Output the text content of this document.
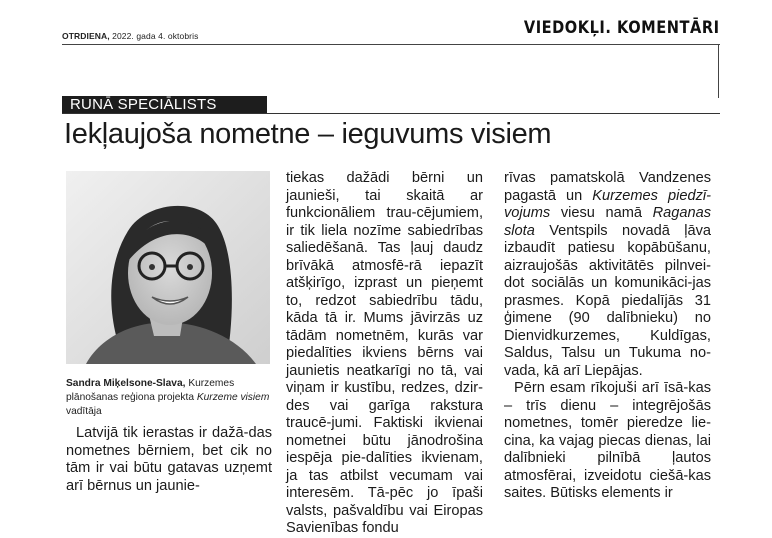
OTRDIENA, 2022. gada 4. oktobris	VIEDOKĻI. KOMENTĀRI
RUNĀ SPECIĀLISTS
Iekļaujoša nometne – ieguvums visiem
Sandra Miķelsone-Slava, Kurzemes plānošanas reģiona projekta Kurzeme visiem vadītāja

Latvijā tik ierastas ir dažā-das nometnes bērniem, bet cik no tām ir vai būtu gatavas uzņemt arī bērnus un jaunie-

tiekas dažādi bērni un jaunieši, tai skaitā ar funkcionāliem trau-cējumiem, ir tik liela nozīme sabiedrības saliedēšanā. Tas ļauj daudz brīvākā atmosfē-rā iepazīt atšķirīgo, izprast un pieņemt to, redzot sabiedrību tādu, kāda tā ir. Mums jāvirzās uz tādām nometnēm, kurās var piedalīties ikviens bērns vai jaunietis neatkarīgi no tā, vai viņam ir kustību, redzes, dzir-des vai garīga rakstura traucē-jumi. Faktiski ikvienai nometnei būtu jānodrošina iespēja pie-dalīties ikvienam, ja tas atbilst vecumam vai interesēm. Tā-pēc jo īpaši valsts, pašvaldību vai Eiropas Savienības fondu

rīvas pamatskolā Vandzenes pagastā un Kurzemes piedzī-vojums viesu namā Raganas slota Ventspils novadā ļāva izbaudīt patiesu kopābūšanu, aizraujošās aktivitātēs pilnvei-dot sociālās un komunikāci-jas prasmes. Kopā piedalījās 31 ģimene (90 dalībnieku) no Dienvidkurzemes, Kuldīgas, Saldus, Talsu un Tukuma no-vada, kā arī Liepājas.

Pērn esam rīkojuši arī īsā-kas – trīs dienu – integrējošās nometnes, tomēr pieredze lie-cina, ka vajag piecas dienas, lai dalībnieki pilnībā ļautos atmosfērai, izveidotu ciešā-kas saites. Būtisks elements ir
